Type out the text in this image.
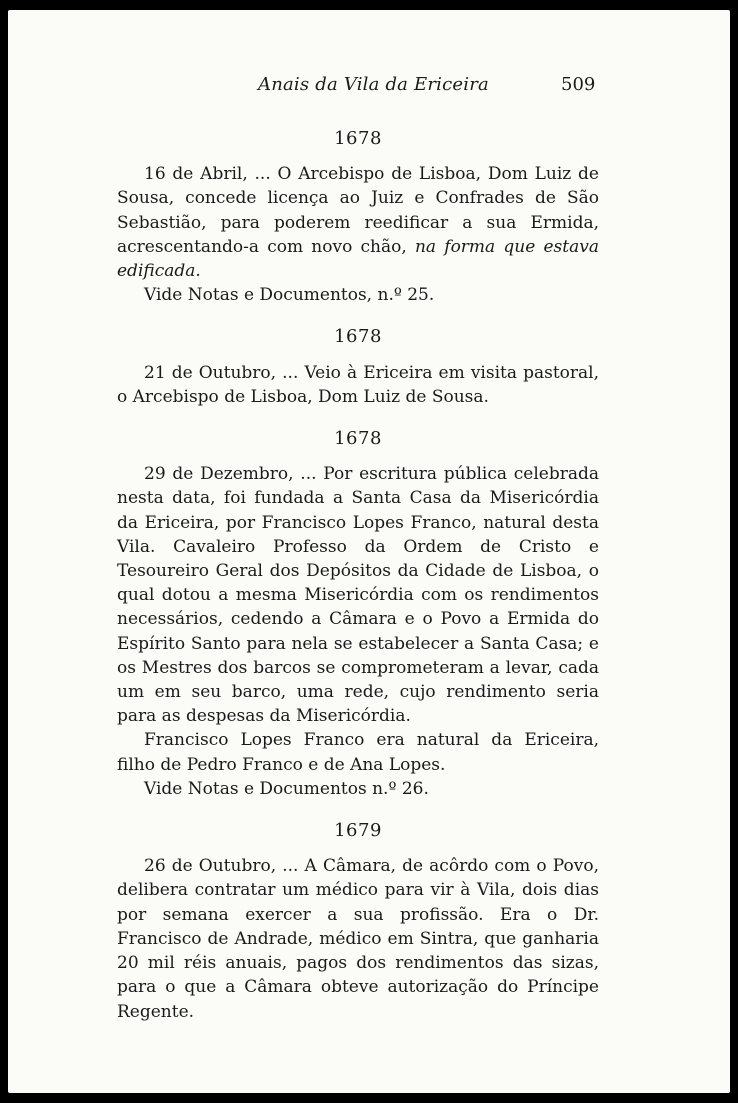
Anais da Vila da Ericeira	509
1678

16 de Abril, ... O Arcebispo de Lisboa, Dom Luiz de Sousa, concede licença ao Juiz e Confrades de São Sebastião, para poderem reedificar a sua Ermida, acrescentando-a com novo chão, na forma que estava edificada.

Vide Notas e Documentos, n.º 25.

1678

21 de Outubro, ... Veio à Ericeira em visita pastoral, o Arcebispo de Lisboa, Dom Luiz de Sousa.

1678

29 de Dezembro, ... Por escritura pública celebrada nesta data, foi fundada a Santa Casa da Misericórdia da Ericeira, por Francisco Lopes Franco, natural desta Vila. Cavaleiro Professo da Ordem de Cristo e Tesoureiro Geral dos Depósitos da Cidade de Lisboa, o qual dotou a mesma Misericórdia com os rendimentos necessários, cedendo a Câmara e o Povo a Ermida do Espírito Santo para nela se estabelecer a Santa Casa; e os Mestres dos barcos se comprometeram a levar, cada um em seu barco, uma rede, cujo rendimento seria para as despesas da Misericórdia.

Francisco Lopes Franco era natural da Ericeira, filho de Pedro Franco e de Ana Lopes.

Vide Notas e Documentos n.º 26.

1679

26 de Outubro, ... A Câmara, de acôrdo com o Povo, delibera contratar um médico para vir à Vila, dois dias por semana exercer a sua profissão. Era o Dr. Francisco de Andrade, médico em Sintra, que ganharia 20 mil réis anuais, pagos dos rendimentos das sizas, para o que a Câmara obteve autorização do Príncipe Regente.
